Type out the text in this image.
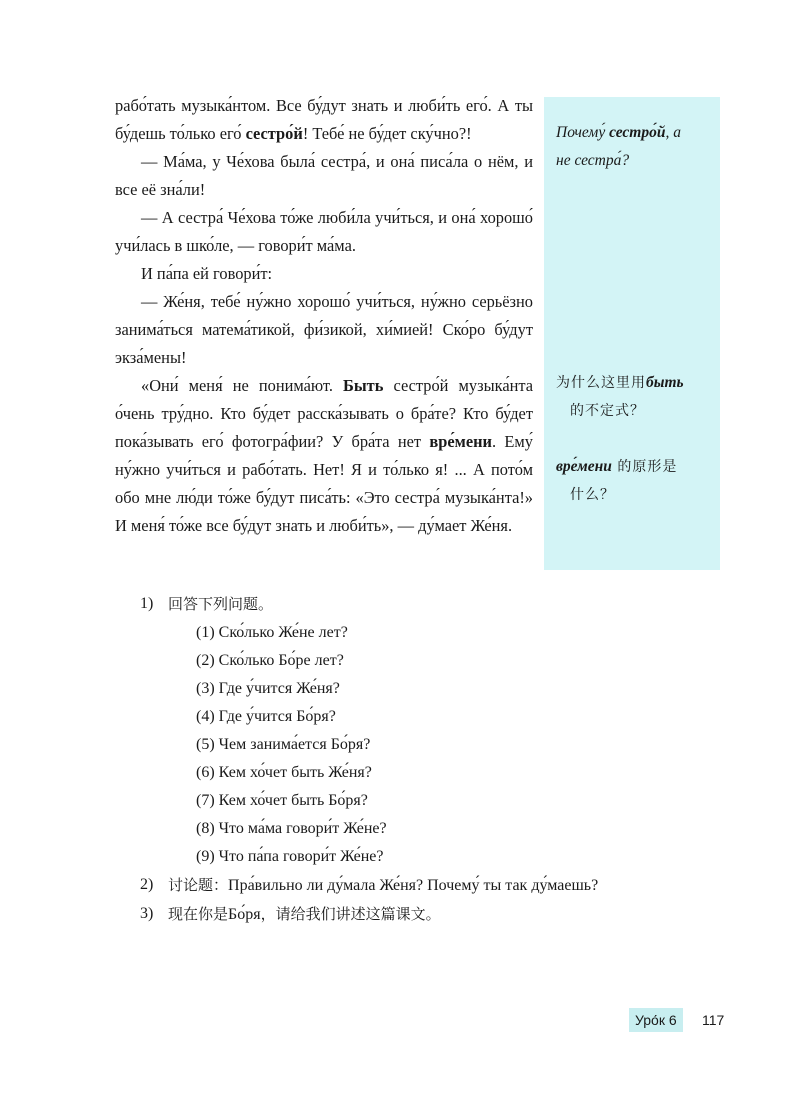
рабо́тать музыка́нтом. Все бу́дут знать и люби́ть его́. А ты бу́дешь то́лько его́ сестро́й! Тебе́ не бу́дет ску́чно?!

— Ма́ма, у Че́хова была́ сестра́, и она́ писа́ла о нём, и все её зна́ли!

— А сестра́ Че́хова то́же люби́ла учи́ться, и она́ хорошо́ учи́лась в шко́ле, — говори́т ма́ма.

И па́па ей говори́т:

— Же́ня, тебе́ ну́жно хорошо́ учи́ться, ну́жно серьёзно занима́ться матема́тикой, фи́зикой, хи́мией! Ско́ро бу́дут экза́мены!

«Они́ меня́ не понима́ют. Быть сестро́й музыка́нта о́чень тру́дно. Кто бу́дет расска́зывать о бра́те? Кто бу́дет пока́зывать его́ фотогра́фии? У бра́та нет вре́мени. Ему́ ну́жно учи́ться и рабо́тать. Нет! Я и то́лько я! ... А пото́м обо мне лю́ди то́же бу́дут писа́ть: «Это сестра́ музыка́нта!» И меня́ то́же все бу́дут знать и люби́ть», — ду́мает Же́ня.

Почему́ сестро́й, а
не сестра́?
为什么这里用быть
的不定式？
вре́мени 的原形是
什么？
1) 回答下列问题。
(1) Ско́лько Же́не лет?
(2) Ско́лько Бо́ре лет?
(3) Где у́чится Же́ня?
(4) Где у́чится Бо́ря?
(5) Чем занима́ется Бо́ря?
(6) Кем хо́чет быть Же́ня?
(7) Кем хо́чет быть Бо́ря?
(8) Что ма́ма говори́т Же́не?
(9) Что па́па говори́т Же́не?
2) 讨论题：Пра́вильно ли ду́мала Же́ня? Почему́ ты так ду́маешь?
3) 现在你是Бо́ря，请给我们讲述这篇课文。
Уро́к 6	117
